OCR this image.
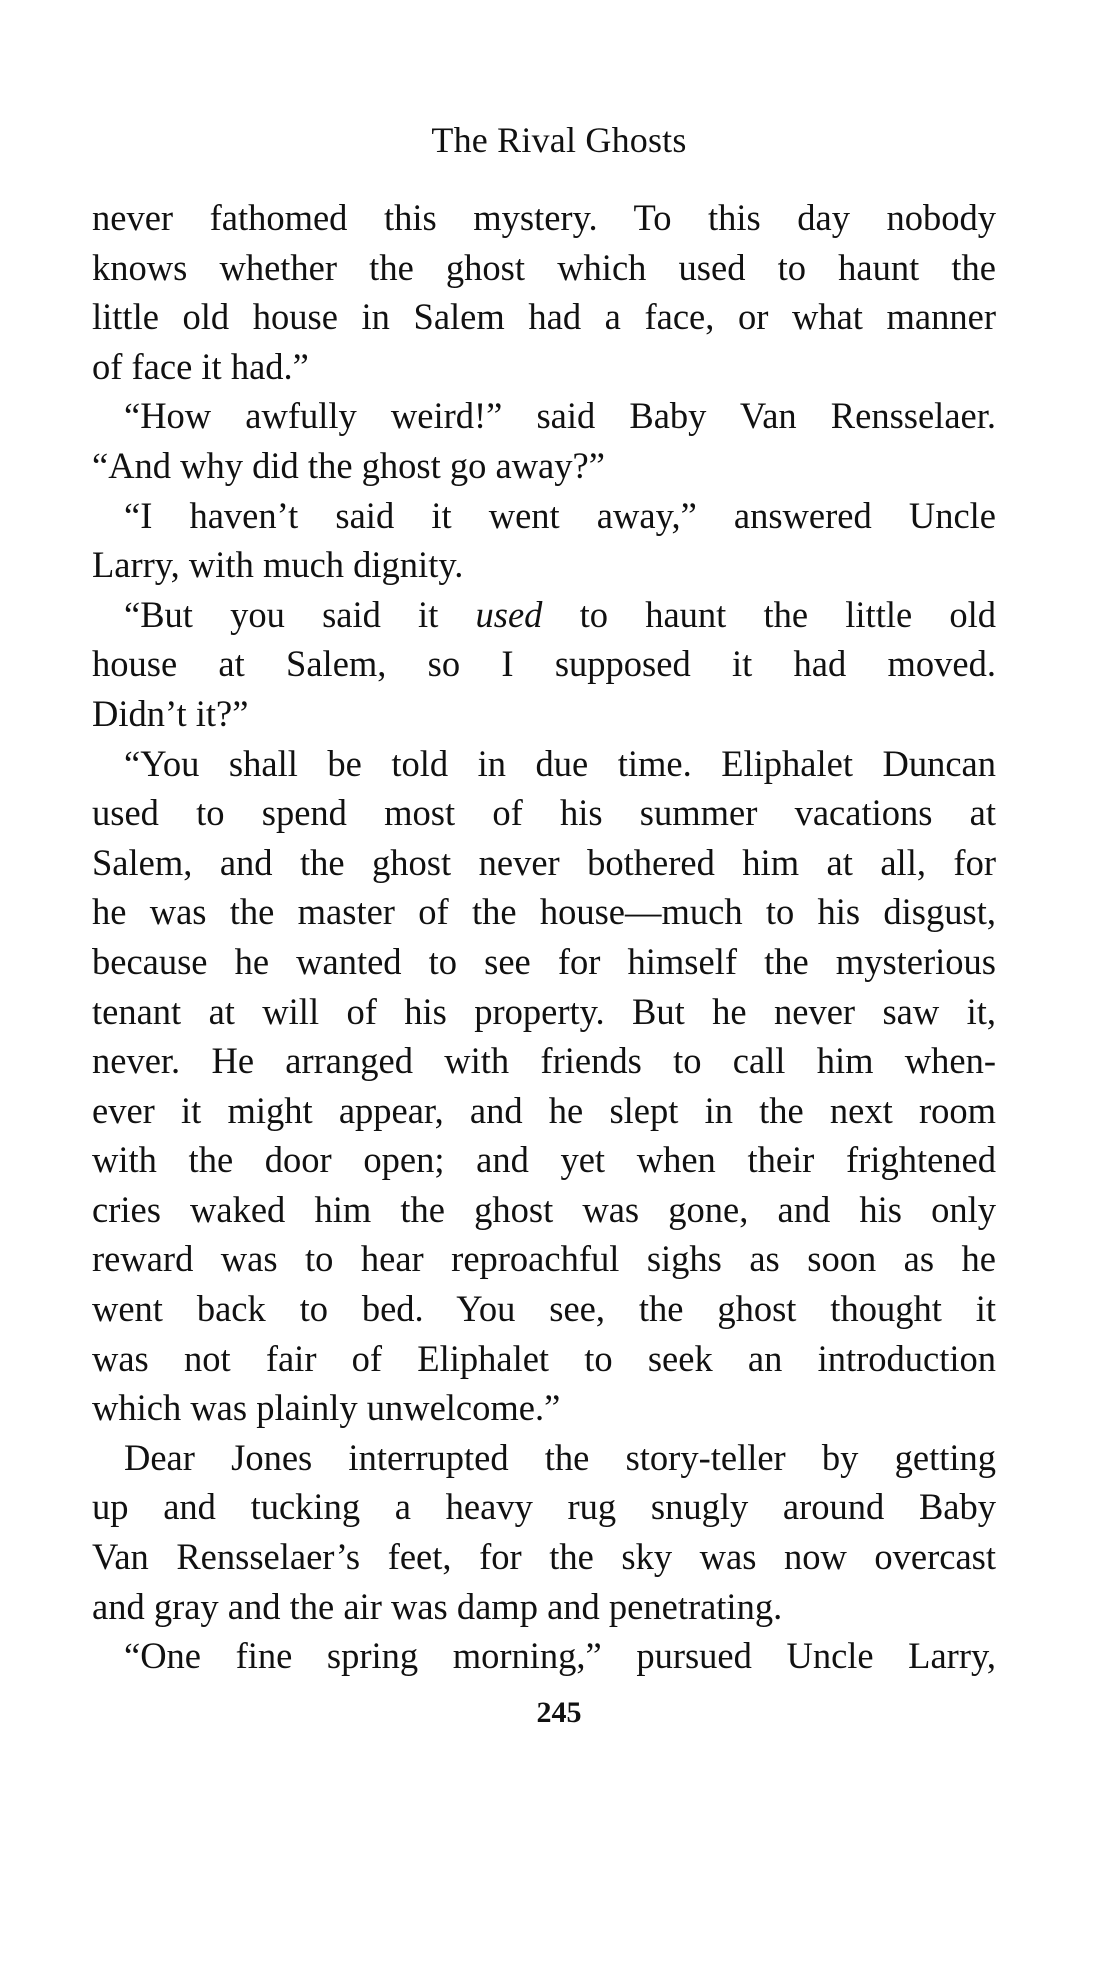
The Rival Ghosts
never fathomed this mystery. To this day nobody
knows whether the ghost which used to haunt the
little old house in Salem had a face, or what manner
of face it had.”
“How awfully weird!” said Baby Van Rensselaer.
“And why did the ghost go away?”
“I haven’t said it went away,” answered Uncle
Larry, with much dignity.
“But you said it used to haunt the little old
house at Salem, so I supposed it had moved.
Didn’t it?”
“You shall be told in due time. Eliphalet Duncan
used to spend most of his summer vacations at
Salem, and the ghost never bothered him at all, for
he was the master of the house—much to his disgust,
because he wanted to see for himself the mysterious
tenant at will of his property. But he never saw it,
never. He arranged with friends to call him when-
ever it might appear, and he slept in the next room
with the door open; and yet when their frightened
cries waked him the ghost was gone, and his only
reward was to hear reproachful sighs as soon as he
went back to bed. You see, the ghost thought it
was not fair of Eliphalet to seek an introduction
which was plainly unwelcome.”
Dear Jones interrupted the story-teller by getting
up and tucking a heavy rug snugly around Baby
Van Rensselaer’s feet, for the sky was now overcast
and gray and the air was damp and penetrating.
“One fine spring morning,” pursued Uncle Larry,
245
